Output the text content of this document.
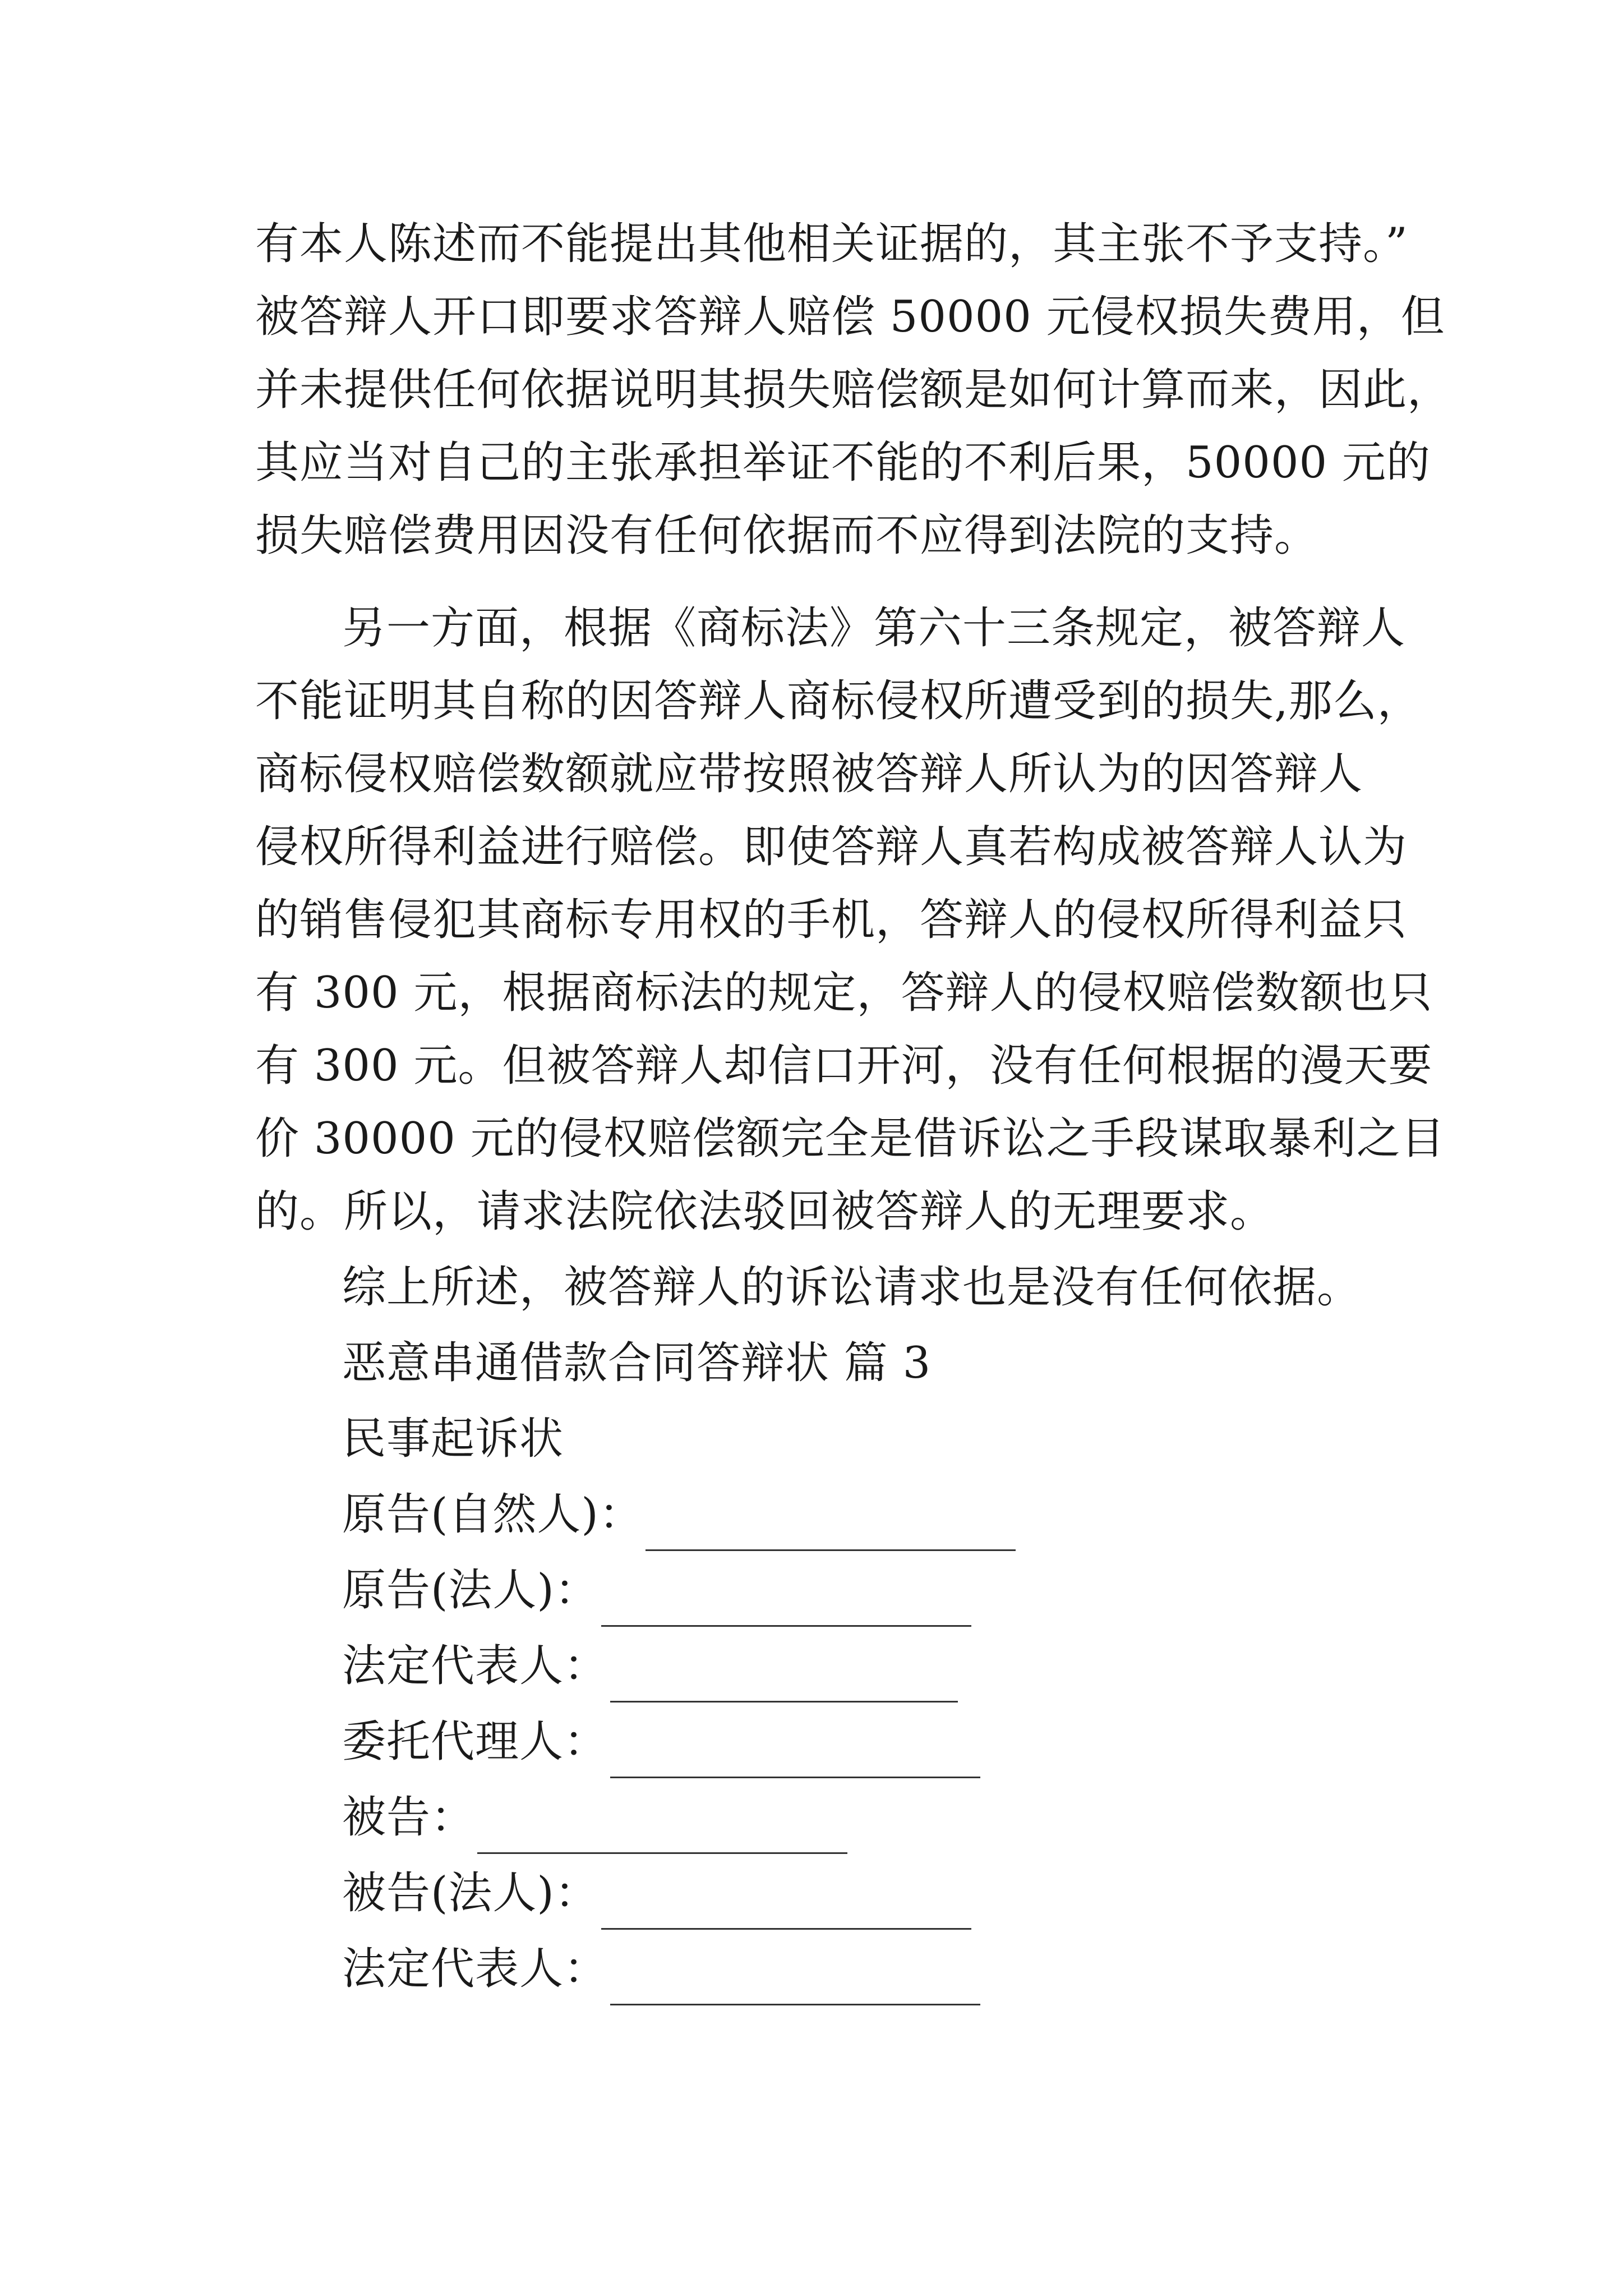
有本人陈述而不能提出其他相关证据的，其主张不予支持。”
被答辩人开口即要求答辩人赔偿 50000 元侵权损失费用，但
并未提供任何依据说明其损失赔偿额是如何计算而来，因此，
其应当对自己的主张承担举证不能的不利后果，50000 元的
损失赔偿费用因没有任何依据而不应得到法院的支持。
另一方面，根据《商标法》第六十三条规定，被答辩人
不能证明其自称的因答辩人商标侵权所遭受到的损失,那么，
商标侵权赔偿数额就应带按照被答辩人所认为的因答辩人
侵权所得利益进行赔偿。即使答辩人真若构成被答辩人认为
的销售侵犯其商标专用权的手机，答辩人的侵权所得利益只
有 300 元，根据商标法的规定，答辩人的侵权赔偿数额也只
有 300 元。但被答辩人却信口开河，没有任何根据的漫天要
价 30000 元的侵权赔偿额完全是借诉讼之手段谋取暴利之目
的。所以，请求法院依法驳回被答辩人的无理要求。
综上所述，被答辩人的诉讼请求也是没有任何依据。
恶意串通借款合同答辩状 篇 3
民事起诉状
原告(自然人)：
原告(法人)：
法定代表人：
委托代理人：
被告：
被告(法人)：
法定代表人：
